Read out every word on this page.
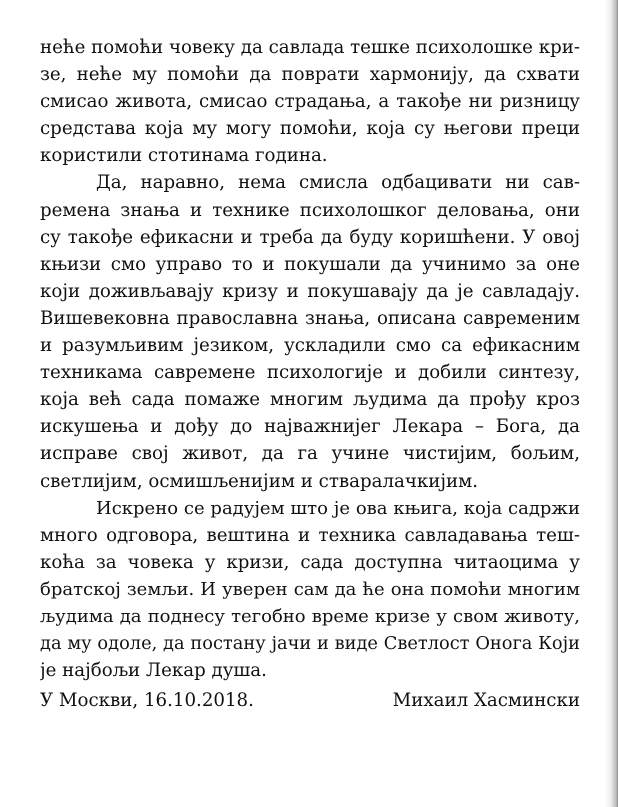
неће помоћи човеку да савлада тешке психолошке кри-
зе, неће му помоћи да поврати хармонију, да схвати
смисао живота, смисао страдања, а такође ни ризницу
средстава која му могу помоћи, која су његови преци
користили стотинама година.
Да, наравно, нема смисла одбацивати ни сав-
ремена знања и технике психолошког деловања, они
су такође ефикасни и треба да буду коришћени. У овој
књизи смо управо то и покушали да учинимо за оне
који доживљавају кризу и покушавају да је савладају.
Вишевековна православна знања, описана савременим
и разумљивим језиком, ускладили смо са ефикасним
техникама савремене психологије и добили синтезу,
која већ сада помаже многим људима да прођу кроз
искушења и дођу до најважнијег Лекара – Бога, да
исправе свој живот, да га учине чистијим, бољим,
светлијим, осмишљенијим и стваралачкијим.
Искрено се радујем што је ова књига, која садржи
много одговора, вештина и техника савладавања теш-
коћа за човека у кризи, сада доступна читаоцима у
братској земљи. И уверен сам да ће она помоћи многим
људима да поднесу тегобно време кризе у свом животу,
да му одоле, да постану јачи и виде Светлост Онога Који
је најбољи Лекар душа.
У Москви, 16.10.2018.	Михаил Хасмински
